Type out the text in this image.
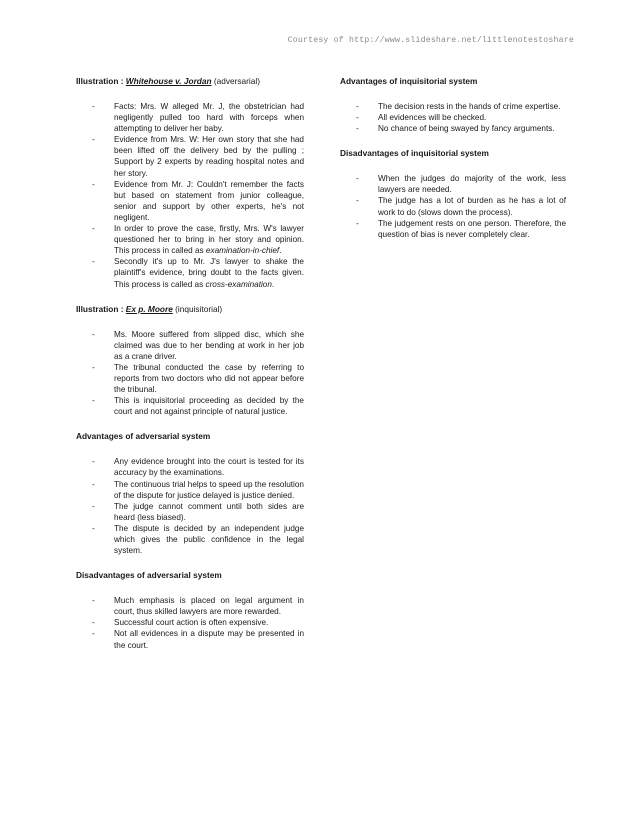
Courtesy of http://www.slideshare.net/littlenotestoshare
Illustration : Whitehouse v. Jordan (adversarial)
- Facts: Mrs. W alleged Mr. J, the obstetrician had negligently pulled too hard with forceps when attempting to deliver her baby.
- Evidence from Mrs. W: Her own story that she had been lifted off the delivery bed by the pulling ; Support by 2 experts by reading hospital notes and her story.
- Evidence from Mr. J: Couldn't remember the facts but based on statement from junior colleague, senior and support by other experts, he's not negligent.
- In order to prove the case, firstly, Mrs. W's lawyer questioned her to bring in her story and opinion. This process in called as examination-in-chief.
- Secondly it's up to Mr. J's lawyer to shake the plaintiff's evidence, bring doubt to the facts given. This process is called as cross-examination.
Illustration : Ex p. Moore (inquisitorial)
- Ms. Moore suffered from slipped disc, which she claimed was due to her bending at work in her job as a crane driver.
- The tribunal conducted the case by referring to reports from two doctors who did not appear before the tribunal.
- This is inquisitorial proceeding as decided by the court and not against principle of natural justice.
Advantages of adversarial system
- Any evidence brought into the court is tested for its accuracy by the examinations.
- The continuous trial helps to speed up the resolution of the dispute for justice delayed is justice denied.
- The judge cannot comment until both sides are heard (less biased).
- The dispute is decided by an independent judge which gives the public confidence in the legal system.
Disadvantages of adversarial system
- Much emphasis is placed on legal argument in court, thus skilled lawyers are more rewarded.
- Successful court action is often expensive.
- Not all evidences in a dispute may be presented in the court.
Advantages of inquisitorial system
- The decision rests in the hands of crime expertise.
- All evidences will be checked.
- No chance of being swayed by fancy arguments.
Disadvantages of inquisitorial system
- When the judges do majority of the work, less lawyers are needed.
- The judge has a lot of burden as he has a lot of work to do (slows down the process).
- The judgement rests on one person. Therefore, the question of bias is never completely clear.
